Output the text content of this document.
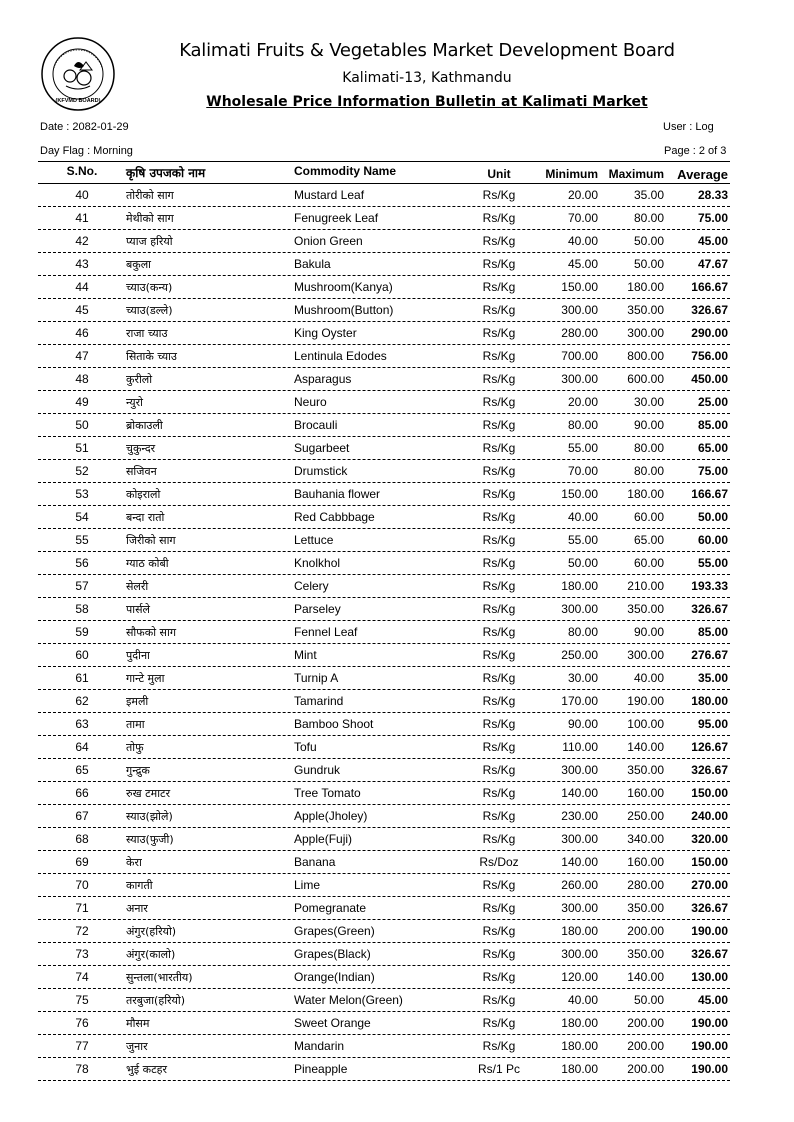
(KFVMD BOARD)
Kalimati Fruits & Vegetables Market Development Board
Kalimati-13, Kathmandu
Wholesale Price Information Bulletin at Kalimati Market
Date : 2082-01-29	User : Log
Day Flag : Morning	Page : 2 of 3
S.No.	कृषि उपजको नाम	Commodity Name	Unit	Minimum Maximum	Average
40	तोरीको साग	Mustard Leaf	Rs/Kg	20.00	35.00	28.33
41	मेथीको साग	Fenugreek Leaf	Rs/Kg	70.00	80.00	75.00
42	प्याज हरियो	Onion Green	Rs/Kg	40.00	50.00	45.00
43	बकुला	Bakula	Rs/Kg	45.00	50.00	47.67
44	च्याउ(कन्य)	Mushroom(Kanya)	Rs/Kg	150.00	180.00	166.67
45	च्याउ(डल्ले)	Mushroom(Button)	Rs/Kg	300.00	350.00	326.67
46	राजा च्याउ	King Oyster	Rs/Kg	280.00	300.00	290.00
47	सिताके च्याउ	Lentinula Edodes	Rs/Kg	700.00	800.00	756.00
48	कुरीलो	Asparagus	Rs/Kg	300.00	600.00	450.00
49	न्युरो	Neuro	Rs/Kg	20.00	30.00	25.00
50	ब्रोकाउली	Brocauli	Rs/Kg	80.00	90.00	85.00
51	चुकुन्दर	Sugarbeet	Rs/Kg	55.00	80.00	65.00
52	सजिवन	Drumstick	Rs/Kg	70.00	80.00	75.00
53	कोइरालो	Bauhania flower	Rs/Kg	150.00	180.00	166.67
54	बन्दा रातो	Red Cabbbage	Rs/Kg	40.00	60.00	50.00
55	जिरीको साग	Lettuce	Rs/Kg	55.00	65.00	60.00
56	ग्याठ कोबी	Knolkhol	Rs/Kg	50.00	60.00	55.00
57	सेलरी	Celery	Rs/Kg	180.00	210.00	193.33
58	पार्सले	Parseley	Rs/Kg	300.00	350.00	326.67
59	सौफको साग	Fennel Leaf	Rs/Kg	80.00	90.00	85.00
60	पुदीना	Mint	Rs/Kg	250.00	300.00	276.67
61	गान्टे मुला	Turnip A	Rs/Kg	30.00	40.00	35.00
62	इमली	Tamarind	Rs/Kg	170.00	190.00	180.00
63	तामा	Bamboo Shoot	Rs/Kg	90.00	100.00	95.00
64	तोफु	Tofu	Rs/Kg	110.00	140.00	126.67
65	गुन्द्रुक	Gundruk	Rs/Kg	300.00	350.00	326.67
66	रुख टमाटर	Tree Tomato	Rs/Kg	140.00	160.00	150.00
67	स्याउ(झोले)	Apple(Jholey)	Rs/Kg	230.00	250.00	240.00
68	स्याउ(फुजी)	Apple(Fuji)	Rs/Kg	300.00	340.00	320.00
69	केरा	Banana	Rs/Doz	140.00	160.00	150.00
70	कागती	Lime	Rs/Kg	260.00	280.00	270.00
71	अनार	Pomegranate	Rs/Kg	300.00	350.00	326.67
72	अंगुर(हरियो)	Grapes(Green)	Rs/Kg	180.00	200.00	190.00
73	अंगुर(कालो)	Grapes(Black)	Rs/Kg	300.00	350.00	326.67
74	सुन्तला(भारतीय)	Orange(Indian)	Rs/Kg	120.00	140.00	130.00
75	तरबुजा(हरियो)	Water Melon(Green)	Rs/Kg	40.00	50.00	45.00
76	मौसम	Sweet Orange	Rs/Kg	180.00	200.00	190.00
77	जुनार	Mandarin	Rs/Kg	180.00	200.00	190.00
78	भुई कटहर	Pineapple	Rs/1 Pc	180.00	200.00	190.00
